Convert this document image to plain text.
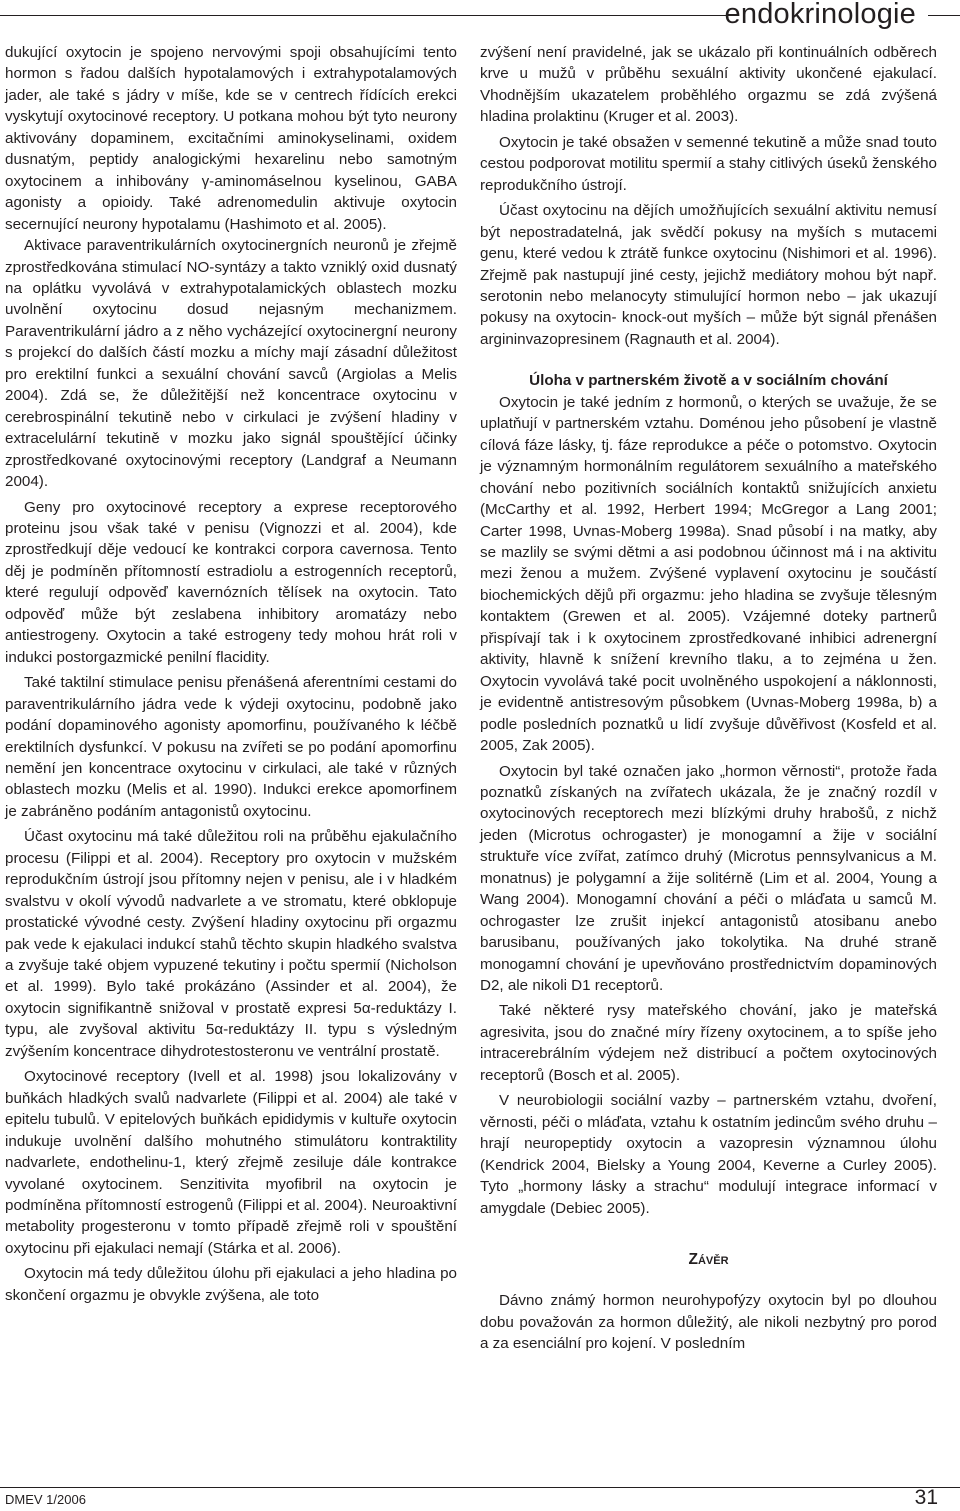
endokrinologie

dukující oxytocin je spojeno nervovými spoji obsahujícími tento hormon s řadou dalších hypotalamových i extrahypotalamových jader, ale také s jádry v míše, kde se v centrech řídících erekci vyskytují oxytocinové receptory. U potkana mohou být tyto neurony aktivovány dopaminem, excitačními aminokyselinami, oxidem dusnatým, peptidy analogickými hexarelinu nebo samotným oxytocinem a inhibovány γ-aminomáselnou kyselinou, GABA agonisty a opioidy. Také adrenomedulin aktivuje oxytocin secernující neurony hypotalamu (Hashimoto et al. 2005).

Aktivace paraventrikulárních oxytocinergních neuronů je zřejmě zprostředkována stimulací NO-syntázy a takto vzniklý oxid dusnatý na oplátku vyvolává v extrahypotalamických oblastech mozku uvolnění oxytocinu dosud nejasným mechanizmem. Paraventrikulární jádro a z něho vycházející oxytocinergní neurony s projekcí do dalších částí mozku a míchy mají zásadní důležitost pro erektilní funkci a sexuální chování savců (Argiolas a Melis 2004). Zdá se, že důležitější než koncentrace oxytocinu v cerebrospinální tekutině nebo v cirkulaci je zvýšení hladiny v extracelulární tekutině v mozku jako signál spouštějící účinky zprostředkované oxytocinovými receptory (Landgraf a Neumann 2004).

Geny pro oxytocinové receptory a exprese receptorového proteinu jsou však také v penisu (Vignozzi et al. 2004), kde zprostředkují děje vedoucí ke kontrakci corpora cavernosa. Tento děj je podmíněn přítomností estradiolu a estrogenních receptorů, které regulují odpověď kavernózních tělísek na oxytocin. Tato odpověď může být zeslabena inhibitory aromatázy nebo antiestrogeny. Oxytocin a také estrogeny tedy mohou hrát roli v indukci postorgazmické penilní flacidity.

Také taktilní stimulace penisu přenášená aferentními cestami do paraventrikulárního jádra vede k výdeji oxytocinu, podobně jako podání dopaminového agonisty apomorfinu, používaného k léčbě erektilních dysfunkcí. V pokusu na zvířeti se po podání apomorfinu nemění jen koncentrace oxytocinu v cirkulaci, ale také v různých oblastech mozku (Melis et al. 1990). Indukci erekce apomorfinem je zabráněno podáním antagonistů oxytocinu.

Účast oxytocinu má také důležitou roli na průběhu ejakulačního procesu (Filippi et al. 2004). Receptory pro oxytocin v mužském reprodukčním ústrojí jsou přítomny nejen v penisu, ale i v hladkém svalstvu v okolí vývodů nadvarlete a ve stromatu, které obklopuje prostatické vývodné cesty. Zvýšení hladiny oxytocinu při orgazmu pak vede k ejakulaci indukcí stahů těchto skupin hladkého svalstva a zvyšuje také objem vypuzené tekutiny i počtu spermií (Nicholson et al. 1999). Bylo také prokázáno (Assinder et al. 2004), že oxytocin signifikantně snižoval v prostatě expresi 5α-reduktázy I. typu, ale zvyšoval aktivitu 5α-reduktázy II. typu s výsledným zvýšením koncentrace dihydrotestosteronu ve ventrální prostatě.

Oxytocinové receptory (Ivell et al. 1998) jsou lokalizovány v buňkách hladkých svalů nadvarlete (Filippi et al. 2004) ale také v epitelu tubulů. V epitelových buňkách epididymis v kultuře oxytocin indukuje uvolnění dalšího mohutného stimulátoru kontraktility nadvarlete, endothelinu-1, který zřejmě zesiluje dále kontrakce vyvolané oxytocinem. Senzitivita myofibril na oxytocin je podmíněna přítomností estrogenů (Filippi et al. 2004). Neuroaktivní metabolity progesteronu v tomto případě zřejmě roli v spouštění oxytocinu při ejakulaci nemají (Stárka et al. 2006).

Oxytocin má tedy důležitou úlohu při ejakulaci a jeho hladina po skončení orgazmu je obvykle zvýšena, ale toto

zvýšení není pravidelné, jak se ukázalo při kontinuálních odběrech krve u mužů v průběhu sexuální aktivity ukončené ejakulací. Vhodnějším ukazatelem proběhlého orgazmu se zdá zvýšená hladina prolaktinu (Kruger et al. 2003).

Oxytocin je také obsažen v semenné tekutině a může snad touto cestou podporovat motilitu spermií a stahy citlivých úseků ženského reprodukčního ústrojí.

Účast oxytocinu na dějích umožňujících sexuální aktivitu nemusí být nepostradatelná, jak svědčí pokusy na myších s mutacemi genu, které vedou k ztrátě funkce oxytocinu (Nishimori et al. 1996). Zřejmě pak nastupují jiné cesty, jejichž mediátory mohou být např. serotonin nebo melanocyty stimulující hormon nebo – jak ukazují pokusy na oxytocin- knock-out myších – může být signál přenášen argininvazopresinem (Ragnauth et al. 2004).

Úloha v partnerském životě a v sociálním chování

Oxytocin je také jedním z hormonů, o kterých se uvažuje, že se uplatňují v partnerském vztahu. Doménou jeho působení je vlastně cílová fáze lásky, tj. fáze reprodukce a péče o potomstvo. Oxytocin je významným hormonálním regulátorem sexuálního a mateřského chování nebo pozitivních sociálních kontaktů snižujících anxietu (McCarthy et al. 1992, Herbert 1994; McGregor a Lang 2001; Carter 1998, Uvnas-Moberg 1998a). Snad působí i na matky, aby se mazlily se svými dětmi a asi podobnou účinnost má i na aktivitu mezi ženou a mužem. Zvýšené vyplavení oxytocinu je součástí biochemických dějů při orgazmu: jeho hladina se zvyšuje tělesným kontaktem (Grewen et al. 2005). Vzájemné doteky partnerů přispívají tak i k oxytocinem zprostředkované inhibici adrenergní aktivity, hlavně k snížení krevního tlaku, a to zejména u žen. Oxytocin vyvolává také pocit uvolněného uspokojení a náklonnosti, je evidentně antistresovým působkem (Uvnas-Moberg 1998a, b) a podle posledních poznatků u lidí zvyšuje důvěřivost (Kosfeld et al. 2005, Zak 2005).

Oxytocin byl také označen jako „hormon věrnosti“, protože řada poznatků získaných na zvířatech ukázala, že je značný rozdíl v oxytocinových receptorech mezi blízkými druhy hrabošů, z nichž jeden (Microtus ochrogaster) je monogamní a žije v sociální struktuře více zvířat, zatímco druhý (Microtus pennsylvanicus a M. monatnus) je polygamní a žije solitérně (Lim et al. 2004, Young a Wang 2004). Monogamní chování a péči o mláďata u samců M. ochrogaster lze zrušit injekcí antagonistů atosibanu anebo barusibanu, používaných jako tokolytika. Na druhé straně monogamní chování je upevňováno prostřednictvím dopaminových D2, ale nikoli D1 receptorů.

Také některé rysy mateřského chování, jako je mateřská agresivita, jsou do značné míry řízeny oxytocinem, a to spíše jeho intracerebrálním výdejem než distribucí a počtem oxytocinových receptorů (Bosch et al. 2005).

V neurobiologii sociální vazby – partnerském vztahu, dvoření, věrnosti, péči o mláďata, vztahu k ostatním jedincům svého druhu – hrají neuropeptidy oxytocin a vazopresin významnou úlohu (Kendrick 2004, Bielsky a Young 2004, Keverne a Curley 2005). Tyto „hormony lásky a strachu“ modulují integrace informací v amygdale (Debiec 2005).

Závěr

Dávno známý hormon neurohypofýzy oxytocin byl po dlouhou dobu považován za hormon důležitý, ale nikoli nezbytný pro porod a za esenciální pro kojení. V posledním

DMEV 1/2006	31
